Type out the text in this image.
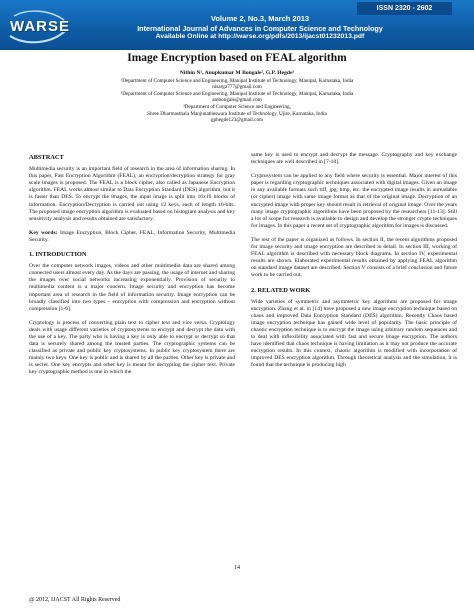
WARSE
ISSN 2320 - 2602
Volume 2, No.3, March 2013
International Journal of Advances in Computer Science and Technology
Available Online at http://warse.org/pdfs/2013/ijacst01232013.pdf
Image Encryption based on FEAL algorithm
Nithin N¹, Anupkumar M Bongale², G.P. Hegde³
¹Department of Computer Science and Engineering, Manipal Institute of Technology, Manipal, Karnataka, India
nisarga777@gmail.com
²Department of Computer Science and Engineering, Manipal Institute of Technology, Manipal, Karnataka, India
ambongale@gmail.com
³Department of Computer Science and Engineering,
Shree Dharmasthala Manjunatheswara Institute of Technology, Ujire, Karnataka, India
gphegde123@gmail.com
ABSTRACT

Multimedia security is an important field of research in the area of information sharing. In this paper, Fast Encryption Algorithm (FEAL), an encryption/decryption strategy for gray scale images is proposed. The FEAL is a block cipher, also called as Japanese Encryption algorithm. FEAL works almost similar to Data Encryption Standard (DES) algorithm, but it is faster than DES. To encrypt the images, the input image is split into 16x16 blocks of information. Encryption/Decryption is carried out using 12 keys, each of length 16-bits. The proposed image encryption algorithm is evaluated based on histogram analysis and key sensitivity analysis and results obtained are satisfactory.

Key words: Image Encryption, Block Cipher, FEAL, Information Security, Multimedia Security.

1. INTRODUCTION

Over the computer network images, videos and other multimedia data are shared among connected users almost every day. As the days are passing, the usage of internet and sharing the images over social networks increasing exponentially. Provision of security to multimedia content is a major concern. Image security and encryption has become important area of research in the field of information security. Image encryption can be broadly classified into two types – encryption with compression and encryption without compression [1-6].

Cryptology is process of converting plain text to cipher text and vice versa. Cryptology deals with usage different varieties of cryptosystems to encrypt and decrypt the data with the use of a key. The party who is having a key is only able to encrypt or decrypt so that data is securely shared among the trusted parties. The cryptographic systems can be classified as private and public key cryptosystems. In public key cryptosystem there are mainly two keys. One key is public and is shared by all the parties. Other key is private and is secret. One key encrypts and other key is meant for decrypting the cipher text. Private key cryptographic method is one in which the

same key is used to encrypt and decrypt the message. Cryptography and key exchange techniques are well described in [7-10].

Cryptosystem can be applied to any field where security is essential. Major interest of this paper is regarding cryptographic techniques associated with digital images. Given an image in any available formats such tiff, jpg, bmp, etc. the encrypted image results in unreadable (or cipher) image with same image format as that of the original image. Decryption of an encrypted image with proper key should result in retrieval of original image. Over the years many image cryptographic algorithms have been proposed by the researchers [11-13]. Still a lot of scope for research is available to design and develop the stronger crypto techniques for images. In this paper a recent set of cryptographic algorithm for images is discussed.

The rest of the paper is organized as follows. In section II, the recent algorithms proposed for image security and image encryption are described in detail. In section III, working of FEAL algorithm is described with necessary block diagrams. In section IV, experimental results are shown. Elaborated experimental results obtained by applying FEAL algorithm on standard image dataset are described. Section V consists of a brief conclusion and future work to be carried out.

2. RELATED WORK

Wide varieties of symmetric and asymmetric key algorithms are proposed for image encryption. Zhang et al. in [14] have proposed a new image encryption technique based on chaos and improved Data Encryption Standard (DES) algorithm. Recently Chaos based image encryption technique has gained wide level of popularity. The basic principle of chaotic encryption technique is to encrypt the image using arbitrary random sequences and to deal with inflexibility associated with fast and secure image encryption. The authors have identified that chaos technique is having limitation as it may not produce the accurate encryption results. In this context, chaotic algorithm is modified with incorporation of improved DES encryption algorithm. Through theoretical analysis and the simulation, it is found that the technique is producing high

14
@ 2012, IJACST All Rights Reserved
